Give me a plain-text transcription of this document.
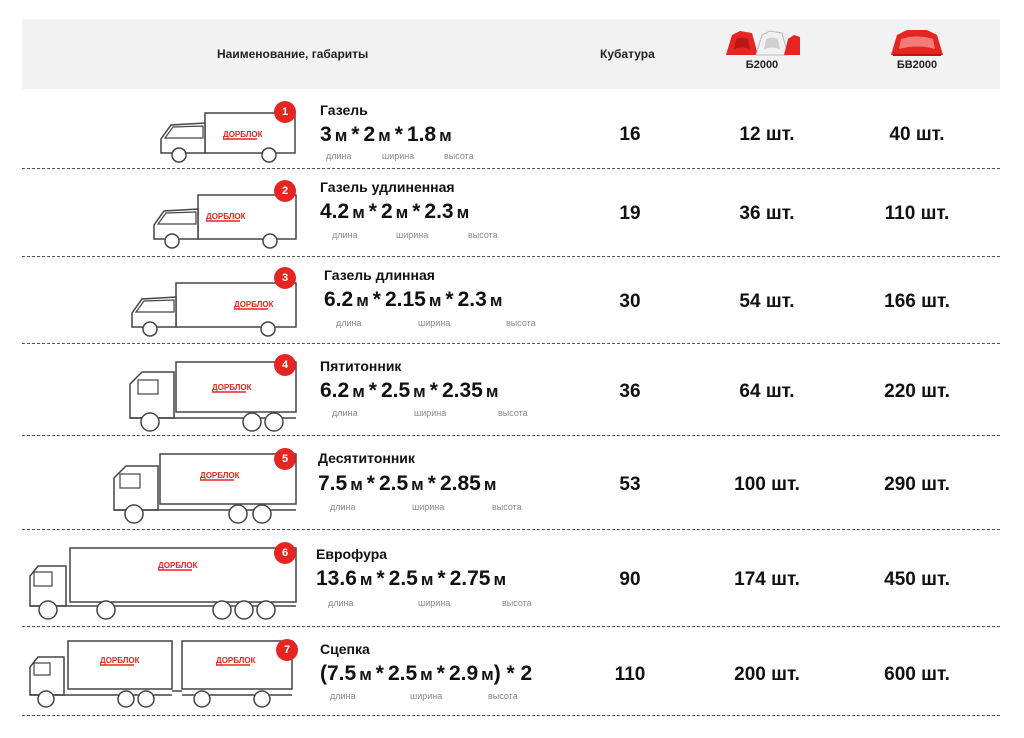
Наименование, габариты	Кубатура
Б2000	БВ2000
ДОРБЛОК
1	Газель
3 м * 2 м * 1.8 м
длина	ширина	высота
16	12 шт.	40 шт.
ДОРБЛОК
2	Газель удлиненная
4.2 м * 2 м * 2.3 м
длина	ширина	высота
19	36 шт.	110 шт.
ДОРБЛОК
3	Газель длинная
6.2 м * 2.15 м * 2.3 м
длина	ширина	высота
30	54 шт.	166 шт.
ДОРБЛОК
4	Пятитонник
6.2 м * 2.5 м * 2.35 м
длина	ширина	высота
36	64 шт.	220 шт.
ДОРБЛОК
5	Десятитонник
7.5 м * 2.5 м * 2.85 м
длина	ширина	высота
53	100 шт.	290 шт.
ДОРБЛОК
6	Еврофура
13.6 м * 2.5 м * 2.75 м
длина	ширина	высота
90	174 шт.	450 шт.
ДОРБЛОК	ДОРБЛОК
7	Сцепка
(7.5 м * 2.5 м * 2.9 м) * 2
длина	ширина	высота
110	200 шт.	600 шт.
